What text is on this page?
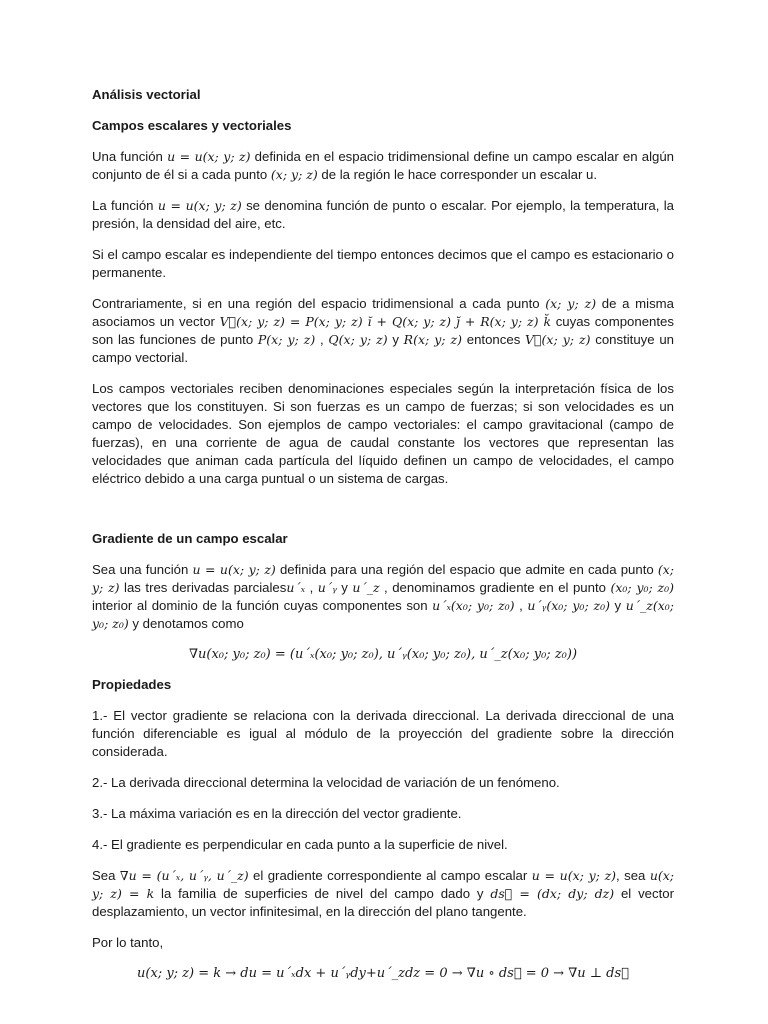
Análisis vectorial
Campos escalares y vectoriales

Una función u = u(x; y; z) definida en el espacio tridimensional define un campo escalar en algún conjunto de él si a cada punto (x; y; z) de la región le hace corresponder un escalar u.

La función u = u(x; y; z) se denomina función de punto o escalar. Por ejemplo, la temperatura, la presión, la densidad del aire, etc.

Si el campo escalar es independiente del tiempo entonces decimos que el campo es estacionario o permanente.

Contrariamente, si en una región del espacio tridimensional a cada punto (x; y; z) de a misma asociamos un vector V⃗(x; y; z) = P(x; y; z) ĭ + Q(x; y; z) ȷ̆ + R(x; y; z) k̆ cuyas componentes son las funciones de punto P(x; y; z) , Q(x; y; z) y R(x; y; z) entonces V⃗(x; y; z) constituye un campo vectorial.

Los campos vectoriales reciben denominaciones especiales según la interpretación física de los vectores que los constituyen. Si son fuerzas es un campo de fuerzas; si son velocidades es un campo de velocidades. Son ejemplos de campo vectoriales: el campo gravitacional (campo de fuerzas), en una corriente de agua de caudal constante los vectores que representan las velocidades que animan cada partícula del líquido definen un campo de velocidades, el campo eléctrico debido a una carga puntual o un sistema de cargas.

Gradiente de un campo escalar

Sea una función u = u(x; y; z) definida para una región del espacio que admite en cada punto (x; y; z) las tres derivadas parcialesu´ₓ , u´ᵧ y u´_z , denominamos gradiente en el punto (x₀; y₀; z₀) interior al dominio de la función cuyas componentes son u´ₓ(x₀; y₀; z₀) , u´ᵧ(x₀; y₀; z₀) y u´_z(x₀; y₀; z₀) y denotamos como

∇u(x₀; y₀; z₀) = (u´ₓ(x₀; y₀; z₀), u´ᵧ(x₀; y₀; z₀), u´_z(x₀; y₀; z₀))
Propiedades

1.- El vector gradiente se relaciona con la derivada direccional. La derivada direccional de una función diferenciable es igual al módulo de la proyección del gradiente sobre la dirección considerada.

2.- La derivada direccional determina la velocidad de variación de un fenómeno.

3.- La máxima variación es en la dirección del vector gradiente.

4.- El gradiente es perpendicular en cada punto a la superficie de nivel.

Sea ∇u = (u´ₓ, u´ᵧ, u´_z) el gradiente correspondiente al campo escalar u = u(x; y; z), sea u(x; y; z) = k la familia de superficies de nivel del campo dado y ds⃗ = (dx; dy; dz) el vector desplazamiento, un vector infinitesimal, en la dirección del plano tangente.

Por lo tanto,

u(x; y; z) = k → du = u´ₓdx + u´ᵧdy+u´_zdz = 0 → ∇u ∘ ds⃗ = 0 → ∇u ⊥ ds⃗
